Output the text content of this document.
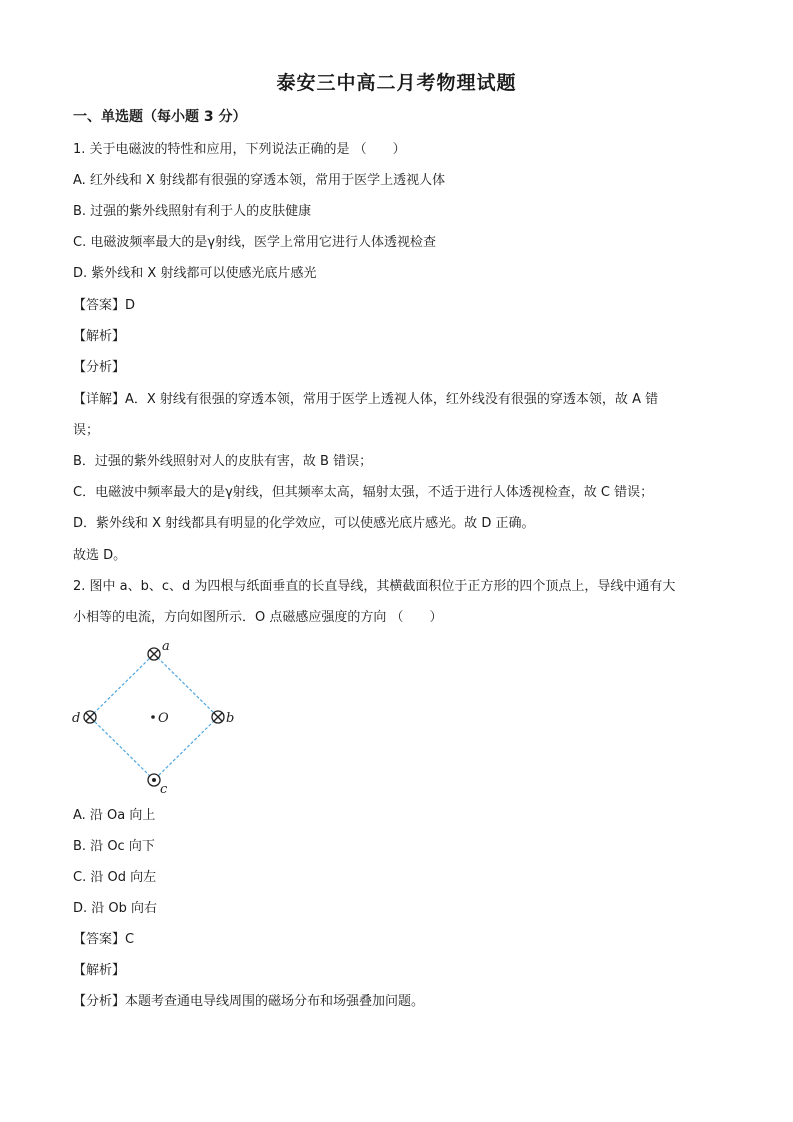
泰安三中高二月考物理试题
一、单选题（每小题 3 分）
1. 关于电磁波的特性和应用，下列说法正确的是 （　　）
A. 红外线和 X 射线都有很强的穿透本领，常用于医学上透视人体
B. 过强的紫外线照射有利于人的皮肤健康
C. 电磁波频率最大的是γ射线，医学上常用它进行人体透视检查
D. 紫外线和 X 射线都可以使感光底片感光
【答案】D
【解析】
【分析】
【详解】A．X 射线有很强的穿透本领，常用于医学上透视人体，红外线没有很强的穿透本领，故 A 错
误；
B．过强的紫外线照射对人的皮肤有害，故 B 错误；
C．电磁波中频率最大的是γ射线，但其频率太高，辐射太强，不适于进行人体透视检查，故 C 错误；
D．紫外线和 X 射线都具有明显的化学效应，可以使感光底片感光。故 D 正确。
故选 D。
2. 图中 a、b、c、d 为四根与纸面垂直的长直导线，其横截面积位于正方形的四个顶点上，导线中通有大
小相等的电流，方向如图所示．O 点磁感应强度的方向 （　　）
O
a
b
c
d
A. 沿 Oa 向上
B. 沿 Oc 向下
C. 沿 Od 向左
D. 沿 Ob 向右
【答案】C
【解析】
【分析】本题考查通电导线周围的磁场分布和场强叠加问题。
